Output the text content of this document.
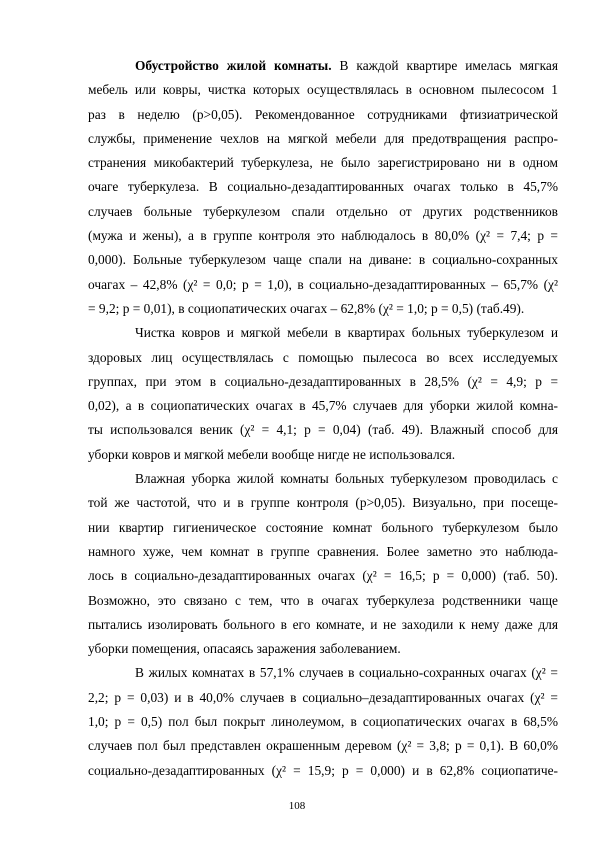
Обустройство жилой комнаты. В каждой квартире имелась мягкая
мебель или ковры, чистка которых осуществлялась в основном пылесосом 1
раз в неделю (р>0,05). Рекомендованное сотрудниками фтизиатрической
службы, применение чехлов на мягкой мебели для предотвращения распро-
странения микобактерий туберкулеза, не было зарегистрировано ни в одном
очаге туберкулеза. В социально-дезадаптированных очагах только в 45,7%
случаев больные туберкулезом спали отдельно от других родственников
(мужа и жены), а в группе контроля это наблюдалось в 80,0% (χ² = 7,4; р =
0,000). Больные туберкулезом чаще спали на диване: в социально-сохранных
очагах – 42,8% (χ² = 0,0; р = 1,0), в социально-дезадаптированных – 65,7% (χ²
= 9,2; р = 0,01), в социопатических очагах – 62,8% (χ² = 1,0; р = 0,5) (таб.49).
Чистка ковров и мягкой мебели в квартирах больных туберкулезом и
здоровых лиц осуществлялась с помощью пылесоса во всех исследуемых
группах, при этом в социально-дезадаптированных в 28,5% (χ² = 4,9; р =
0,02), а в социопатических очагах в 45,7% случаев для уборки жилой комна-
ты использовался веник (χ² = 4,1; р = 0,04) (таб. 49). Влажный способ для
уборки ковров и мягкой мебели вообще нигде не использовался.
Влажная уборка жилой комнаты больных туберкулезом проводилась с
той же частотой, что и в группе контроля (р>0,05). Визуально, при посеще-
нии квартир гигиеническое состояние комнат больного туберкулезом было
намного хуже, чем комнат в группе сравнения. Более заметно это наблюда-
лось в социально-дезадаптированных очагах (χ² = 16,5; р = 0,000) (таб. 50).
Возможно, это связано с тем, что в очагах туберкулеза родственники чаще
пытались изолировать больного в его комнате, и не заходили к нему даже для
уборки помещения, опасаясь заражения заболеванием.
В жилых комнатах в 57,1% случаев в социально-сохранных очагах (χ² =
2,2; р = 0,03) и в 40,0% случаев в социально–дезадаптированных очагах (χ² =
1,0; р = 0,5) пол был покрыт линолеумом, в социопатических очагах в 68,5%
случаев пол был представлен окрашенным деревом (χ² = 3,8; р = 0,1). В 60,0%
социально-дезадаптированных (χ² = 15,9; р = 0,000) и в 62,8% социопатиче-
108
